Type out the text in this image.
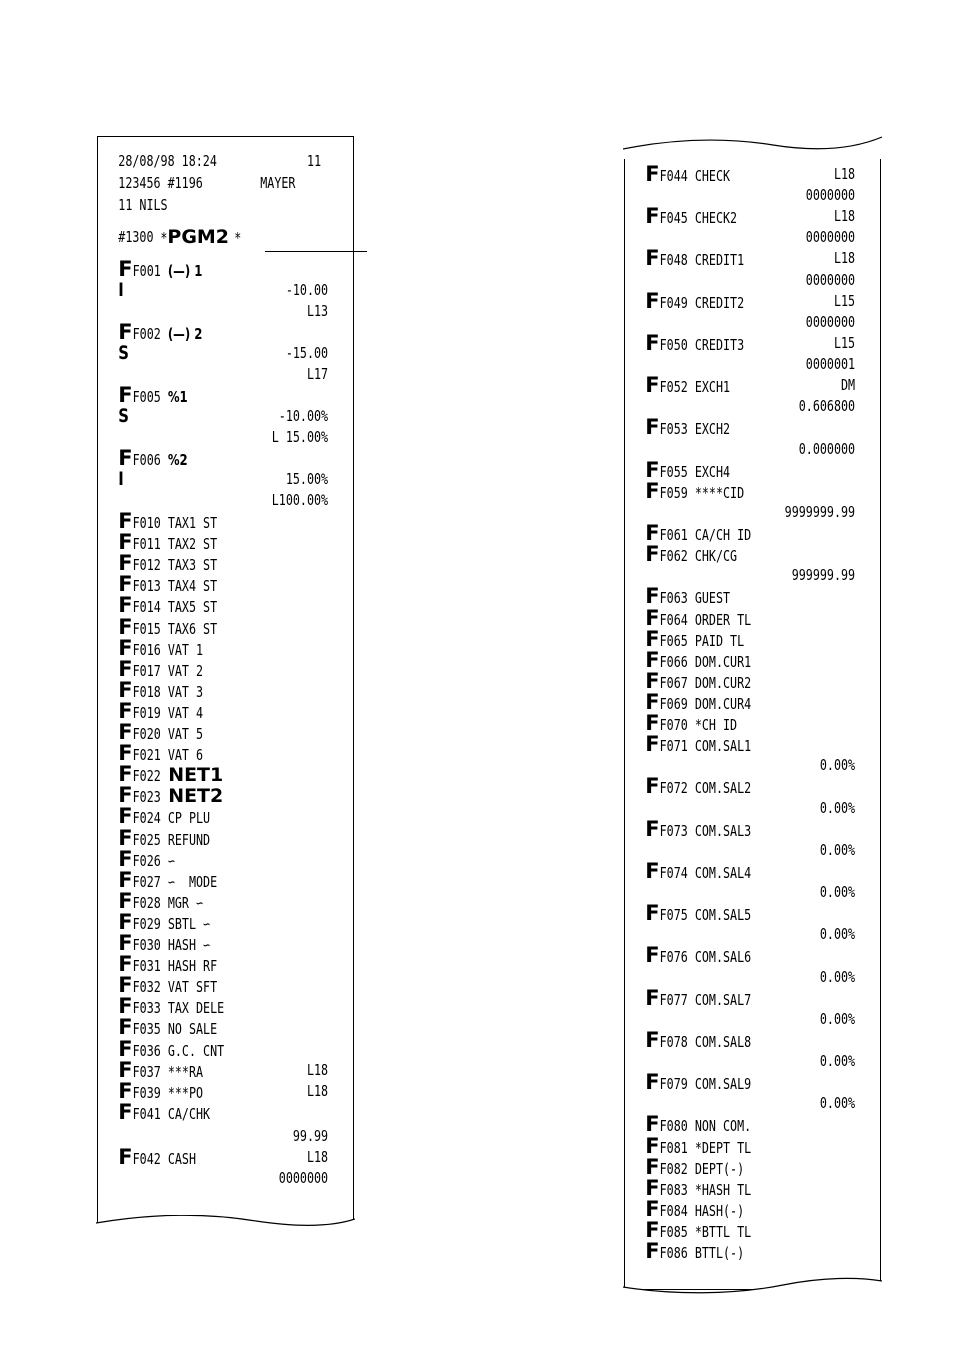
28/08/98 18:24	11
123456 #1196	MAYER
11 NILS
#1300 *PGM2 *
FF001 (—) 1
I	-10.00
L13
FF002 (—) 2
S	-15.00
L17
FF005 %1
S	-10.00%
L 15.00%
FF006 %2
I	15.00%
L100.00%
FF010 TAX1 ST
FF011 TAX2 ST
FF012 TAX3 ST
FF013 TAX4 ST
FF014 TAX5 ST
FF015 TAX6 ST
FF016 VAT 1
FF017 VAT 2
FF018 VAT 3
FF019 VAT 4
FF020 VAT 5
FF021 VAT 6
FF022 NET1
FF023 NET2
FF024 CP PLU
FF025 REFUND
FF026 ∽
FF027 ∽  MODE
FF028 MGR ∽
FF029 SBTL ∽
FF030 HASH ∽
FF031 HASH RF
FF032 VAT SFT
FF033 TAX DELE
FF035 NO SALE
FF036 G.C. CNT
FF037 ***RA	L18
FF039 ***PO	L18
FF041 CA/CHK
99.99
FF042 CASH	L18
0000000
FF044 CHECK	L18
0000000
FF045 CHECK2	L18
0000000
FF048 CREDIT1	L18
0000000
FF049 CREDIT2	L15
0000000
FF050 CREDIT3	L15
0000001
FF052 EXCH1	DM
0.606800
FF053 EXCH2
0.000000
FF055 EXCH4
FF059 ****CID
9999999.99
FF061 CA/CH ID
FF062 CHK/CG
999999.99
FF063 GUEST
FF064 ORDER TL
FF065 PAID TL
FF066 DOM.CUR1
FF067 DOM.CUR2
FF069 DOM.CUR4
FF070 *CH ID
FF071 COM.SAL1
0.00%
FF072 COM.SAL2
0.00%
FF073 COM.SAL3
0.00%
FF074 COM.SAL4
0.00%
FF075 COM.SAL5
0.00%
FF076 COM.SAL6
0.00%
FF077 COM.SAL7
0.00%
FF078 COM.SAL8
0.00%
FF079 COM.SAL9
0.00%
FF080 NON COM.
FF081 *DEPT TL
FF082 DEPT(-)
FF083 *HASH TL
FF084 HASH(-)
FF085 *BTTL TL
FF086 BTTL(-)
